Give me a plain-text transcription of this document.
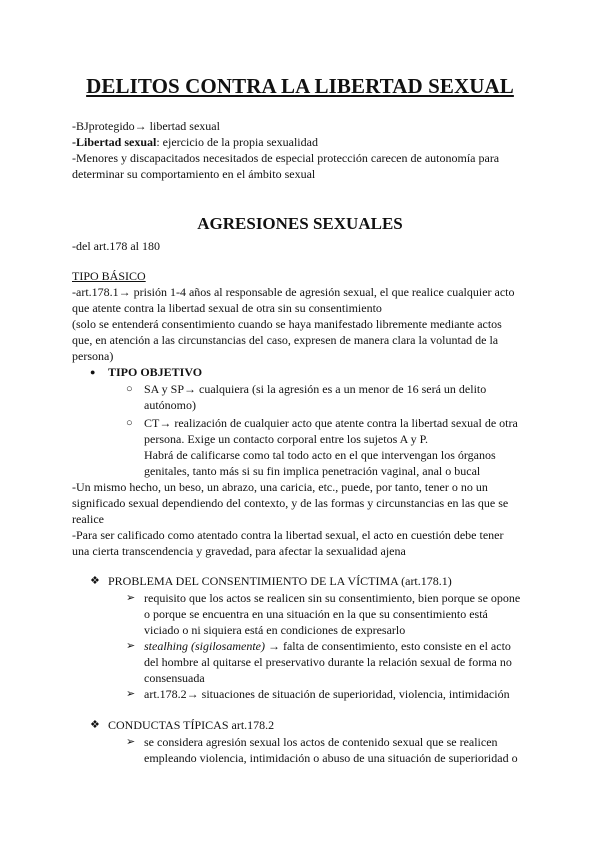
DELITOS CONTRA LA LIBERTAD SEXUAL

-BJprotegido→ libertad sexual

-Libertad sexual: ejercicio de la propia sexualidad

-Menores y discapacitados necesitados de especial protección carecen de autonomía para

determinar su comportamiento en el ámbito sexual

AGRESIONES SEXUALES

-del art.178 al 180

TIPO BÁSICO

-art.178.1→ prisión 1-4 años al responsable de agresión sexual, el que realice cualquier acto

que atente contra la libertad sexual de otra sin su consentimiento

(solo se entenderá consentimiento cuando se haya manifestado libremente mediante actos

que, en atención a las circunstancias del caso, expresen de manera clara la voluntad de la

persona)

● TIPO OBJETIVO

○ SA y SP→ cualquiera (si la agresión es a un menor de 16 será un delito

autónomo)

○ CT→ realización de cualquier acto que atente contra la libertad sexual de otra

persona. Exige un contacto corporal entre los sujetos A y P.

Habrá de calificarse como tal todo acto en el que intervengan los órganos

genitales, tanto más si su fin implica penetración vaginal, anal o bucal

-Un mismo hecho, un beso, un abrazo, una caricia, etc., puede, por tanto, tener o no un

significado sexual dependiendo del contexto, y de las formas y circunstancias en las que se

realice

-Para ser calificado como atentado contra la libertad sexual, el acto en cuestión debe tener

una cierta transcendencia y gravedad, para afectar la sexualidad ajena

❖ PROBLEMA DEL CONSENTIMIENTO DE LA VÍCTIMA (art.178.1)

➢ requisito que los actos se realicen sin su consentimiento, bien porque se opone

o porque se encuentra en una situación en la que su consentimiento está

viciado o ni siquiera está en condiciones de expresarlo

➢ stealhing (sigilosamente) → falta de consentimiento, esto consiste en el acto

del hombre al quitarse el preservativo durante la relación sexual de forma no

consensuada

➢ art.178.2→ situaciones de situación de superioridad, violencia, intimidación

❖ CONDUCTAS TÍPICAS art.178.2

➢ se considera agresión sexual los actos de contenido sexual que se realicen

empleando violencia, intimidación o abuso de una situación de superioridad o
